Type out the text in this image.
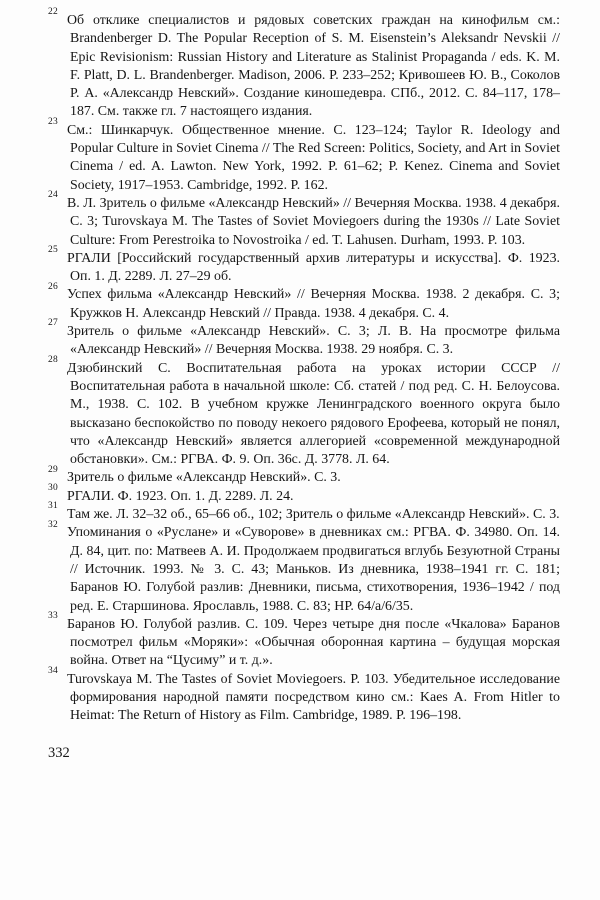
$^{22}$Об отклике специалистов и рядовых советских граждан на кинофильм см.: Brandenberger D. The Popular Reception of S. M. Eisenstein’s Aleksandr Nevskii // Epic Revisionism: Russian History and Literature as Stalinist Propaganda / eds. K. M. F. Platt, D. L. Brandenberger. Madison, 2006. P. 233–252; Кривошеев Ю. В., Соколов Р. А. «Александр Невский». Создание киношедевра. СПб., 2012. С. 84–117, 178–187. См. также гл. 7 настоящего издания.

$^{23}$См.: Шинкарчук. Общественное мнение. С. 123–124; Taylor R. Ideology and Popular Culture in Soviet Cinema // The Red Screen: Politics, Society, and Art in Soviet Cinema / ed. A. Lawton. New York, 1992. P. 61–62; P. Kenez. Cinema and Soviet Society, 1917–1953. Cambridge, 1992. P. 162.

$^{24}$В. Л. Зритель о фильме «Александр Невский» // Вечерняя Москва. 1938. 4 декабря. С. 3; Turovskaya M. The Tastes of Soviet Moviegoers during the 1930s // Late Soviet Culture: From Perestroika to Novostroika / ed. T. Lahusen. Durham, 1993. P. 103.

$^{25}$РГАЛИ [Российский государственный архив литературы и искусства]. Ф. 1923. Оп. 1. Д. 2289. Л. 27–29 об.

$^{26}$Успех фильма «Александр Невский» // Вечерняя Москва. 1938. 2 декабря. С. 3; Кружков Н. Александр Невский // Правда. 1938. 4 декабря. С. 4.

$^{27}$Зритель о фильме «Александр Невский». С. 3; Л. В. На просмотре фильма «Александр Невский» // Вечерняя Москва. 1938. 29 ноября. С. 3.

$^{28}$Дзюбинский С. Воспитательная работа на уроках истории СССР // Воспитательная работа в начальной школе: Сб. статей / под ред. С. Н. Белоусова. М., 1938. С. 102. В учебном кружке Ленинградского военного округа было высказано беспокойство по поводу некоего рядового Ерофеева, который не понял, что «Александр Невский» является аллегорией «современной международной обстановки». См.: РГВА. Ф. 9. Оп. 36с. Д. 3778. Л. 64.

$^{29}$Зритель о фильме «Александр Невский». С. 3.

$^{30}$РГАЛИ. Ф. 1923. Оп. 1. Д. 2289. Л. 24.

$^{31}$Там же. Л. 32–32 об., 65–66 об., 102; Зритель о фильме «Александр Невский». С. 3.

$^{32}$Упоминания о «Руслане» и «Суворове» в дневниках см.: РГВА. Ф. 34980. Оп. 14. Д. 84, цит. по: Матвеев А. И. Продолжаем продвигаться вглубь Безуютной Страны // Источник. 1993. № 3. С. 43; Маньков. Из дневника, 1938–1941 гг. С. 181; Баранов Ю. Голубой разлив: Дневники, письма, стихотворения, 1936–1942 / под ред. Е. Старшинова. Ярославль, 1988. С. 83; НР. 64/а/6/35.

$^{33}$Баранов Ю. Голубой разлив. С. 109. Через четыре дня после «Чкалова» Баранов посмотрел фильм «Моряки»: «Обычная оборонная картина – будущая морская война. Ответ на “Цусиму” и т. д.».

$^{34}$Turovskaya M. The Tastes of Soviet Moviegoers. P. 103. Убедительное исследование формирования народной памяти посредством кино см.: Kaes A. From Hitler to Heimat: The Return of History as Film. Cambridge, 1989. P. 196–198.

332
